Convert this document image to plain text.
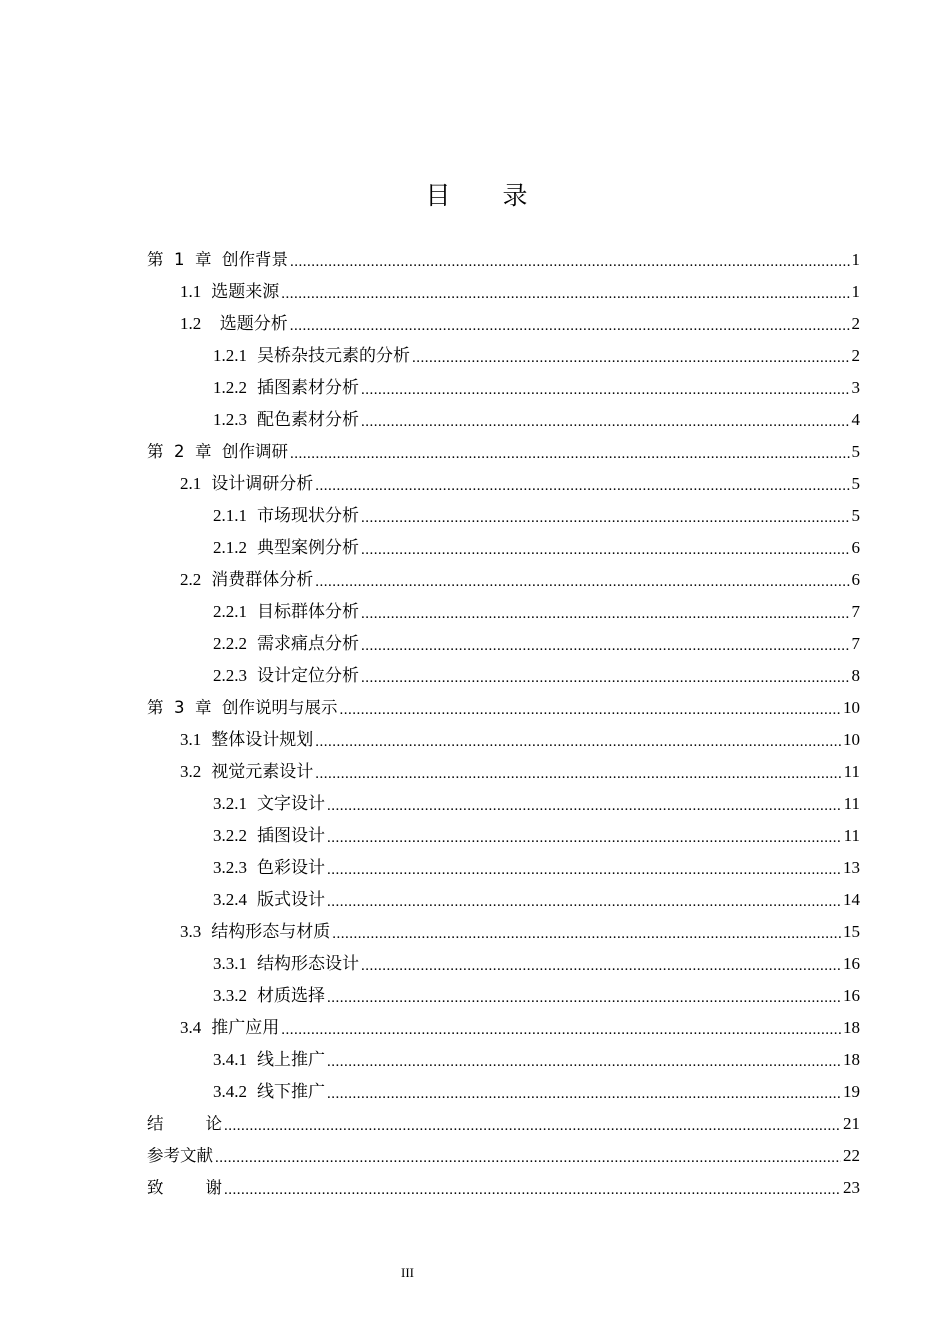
目 录
第  1  章  创作背景 .....	1
1.1 选题来源 .....	1
1.2 选题分析 .....	2
1.2.1 吴桥杂技元素的分析 .....	2
1.2.2 插图素材分析 .....	3
1.2.3 配色素材分析 .....	4
第  2  章  创作调研 .....	5
2.1 设计调研分析 .....	5
2.1.1 市场现状分析 .....	5
2.1.2 典型案例分析 .....	6
2.2 消费群体分析 .....	6
2.2.1 目标群体分析 .....	7
2.2.2 需求痛点分析 .....	7
2.2.3 设计定位分析 .....	8
第  3  章  创作说明与展示 .....	10
3.1 整体设计规划 .....	10
3.2 视觉元素设计 .....	11
3.2.1 文字设计 .....	11
3.2.2 插图设计 .....	11
3.2.3 色彩设计 .....	13
3.2.4 版式设计 .....	14
3.3 结构形态与材质 .....	15
3.3.1 结构形态设计 .....	16
3.3.2 材质选择 .....	16
3.4 推广应用 .....	18
3.4.1 线上推广 .....	18
3.4.2 线下推广 .....	19
结        论 .....	21
参考文献 .....	22
致        谢 .....	23
III
